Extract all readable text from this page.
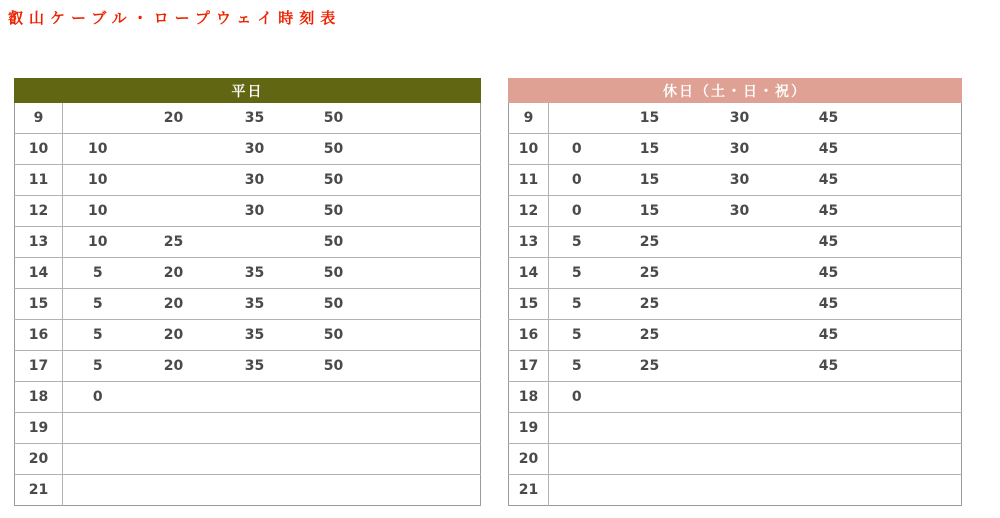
叡山ケーブル・ロープウェイ時刻表
平日					
9		20	35	50	
10	10		30	50	
11	10		30	50	
12	10		30	50	
13	10	25		50	
14	5	20	35	50	
15	5	20	35	50	
16	5	20	35	50	
17	5	20	35	50	
18	0				
19					
20					
21					
休日（土・日・祝）					
9		15	30	45	
10	0	15	30	45	
11	0	15	30	45	
12	0	15	30	45	
13	5	25		45	
14	5	25		45	
15	5	25		45	
16	5	25		45	
17	5	25		45	
18	0				
19					
20					
21					
